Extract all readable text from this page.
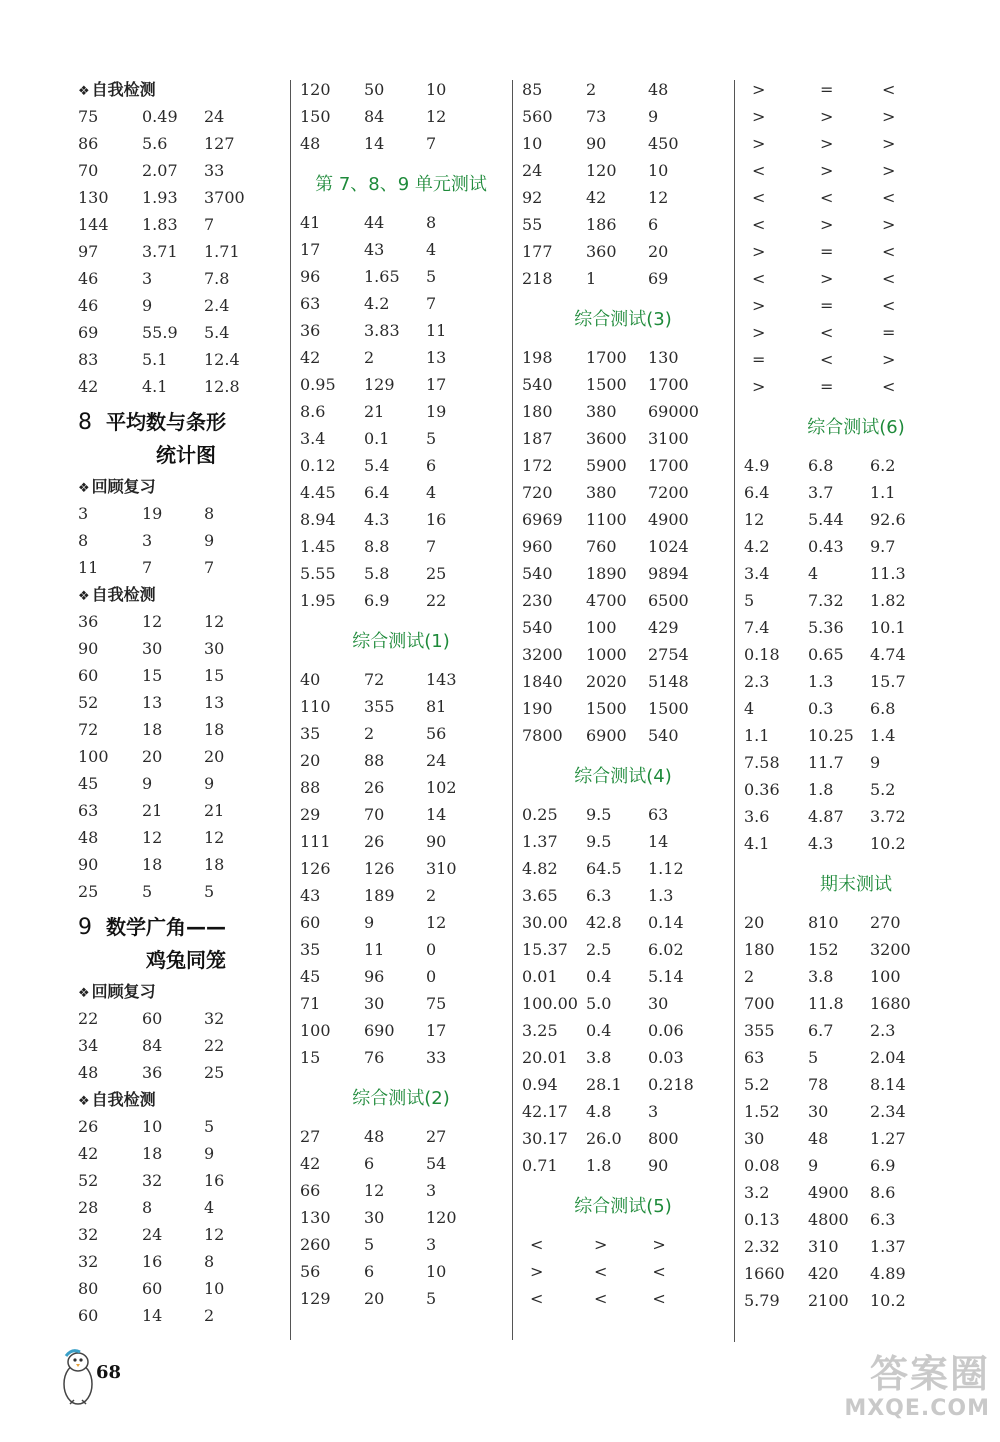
❖ 自我检测
75	0.49	24
86	5.6	127
70	2.07	33
130	1.93	3700
144	1.83	7
97	3.71	1.71
46	3	7.8
46	9	2.4
69	55.9	5.4
83	5.1	12.4
42	4.1	12.8
8 平均数与条形
统计图
❖ 回顾复习
3	19	8
8	3	9
11	7	7
❖ 自我检测
36	12	12
90	30	30
60	15	15
52	13	13
72	18	18
100	20	20
45	9	9
63	21	21
48	12	12
90	18	18
25	5	5
9 数学广角——
鸡兔同笼
❖ 回顾复习
22	60	32
34	84	22
48	36	25
❖ 自我检测
26	10	5
42	18	9
52	32	16
28	8	4
32	24	12
32	16	8
80	60	10
60	14	2
120	50	10
150	84	12
48	14	7
第 7、8、9 单元测试
41	44	8
17	43	4
96	1.65	5
63	4.2	7
36	3.83	11
42	2	13
0.95	129	17
8.6	21	19
3.4	0.1	5
0.12	5.4	6
4.45	6.4	4
8.94	4.3	16
1.45	8.8	7
5.55	5.8	25
1.95	6.9	22
综合测试(1)
40	72	143
110	355	81
35	2	56
20	88	24
88	26	102
29	70	14
111	26	90
126	126	310
43	189	2
60	9	12
35	11	0
45	96	0
71	30	75
100	690	17
15	76	33
综合测试(2)
27	48	27
42	6	54
66	12	3
130	30	120
260	5	3
56	6	10
129	20	5
85	2	48
560	73	9
10	90	450
24	120	10
92	42	12
55	186	6
177	360	20
218	1	69
综合测试(3)
198	1700	130
540	1500	1700
180	380	69000
187	3600	3100
172	5900	1700
720	380	7200
6969	1100	4900
960	760	1024
540	1890	9894
230	4700	6500
540	100	429
3200	1000	2754
1840	2020	5148
190	1500	1500
7800	6900	540
综合测试(4)
0.25	9.5	63
1.37	9.5	14
4.82	64.5	1.12
3.65	6.3	1.3
30.00	42.8	0.14
15.37	2.5	6.02
0.01	0.4	5.14
100.00 5.0	30
3.25	0.4	0.06
20.01	3.8	0.03
0.94	28.1	0.218
42.17	4.8	3
30.17	26.0	800
0.71	1.8	90
综合测试(5)
<	>	>
>	<	<
<	<	<
>	=	<
>	>	>
>	>	>
<	>	>
<	<	<
<	>	>
>	=	<
<	>	<
>	=	<
>	<	=
=	<	>
>	=	<
综合测试(6)
4.9	6.8	6.2
6.4	3.7	1.1
12	5.44	92.6
4.2	0.43	9.7
3.4	4	11.3
5	7.32	1.82
7.4	5.36	10.1
0.18	0.65	4.74
2.3	1.3	15.7
4	0.3	6.8
1.1	10.25	1.4
7.58	11.7	9
0.36	1.8	5.2
3.6	4.87	3.72
4.1	4.3	10.2
期末测试
20	810	270
180	152	3200
2	3.8	100
700	11.8	1680
355	6.7	2.3
63	5	2.04
5.2	78	8.14
1.52	30	2.34
30	48	1.27
0.08	9	6.9
3.2	4900	8.6
0.13	4800	6.3
2.32	310	1.37
1660	420	4.89
5.79	2100	10.2
68	答案圈
MXQE.COM
